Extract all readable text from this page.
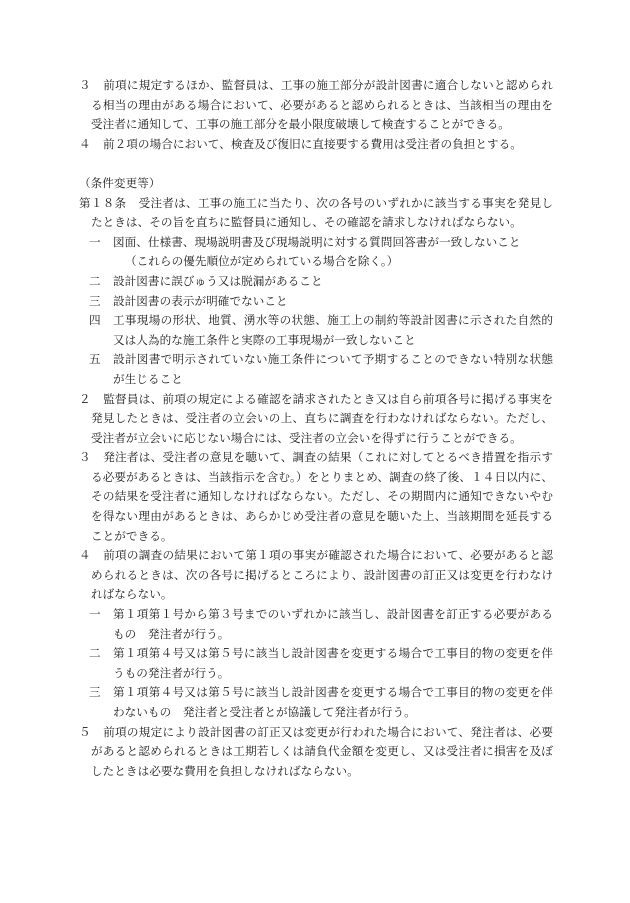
３ 前項に規定するほか、監督員は、工事の施工部分が設計図書に適合しないと認められる相当の理由がある場合において、必要があると認められるときは、当該相当の理由を受注者に通知して、工事の施工部分を最小限度破壊して検査することができる。

４ 前２項の場合において、検査及び復旧に直接要する費用は受注者の負担とする。

（条件変更等）

第１８条 受注者は、工事の施工に当たり、次の各号のいずれかに該当する事実を発見したときは、その旨を直ちに監督員に通知し、その確認を請求しなければならない。

一 図面、仕様書、現場説明書及び現場説明に対する質問回答書が一致しないこと

（これらの優先順位が定められている場合を除く。）

二 設計図書に誤びゅう又は脱漏があること

三 設計図書の表示が明確でないこと

四 工事現場の形状、地質、湧水等の状態、施工上の制約等設計図書に示された自然的又は人為的な施工条件と実際の工事現場が一致しないこと

五 設計図書で明示されていない施工条件について予期することのできない特別な状態が生じること

２ 監督員は、前項の規定による確認を請求されたとき又は自ら前項各号に掲げる事実を発見したときは、受注者の立会いの上、直ちに調査を行わなければならない。ただし、受注者が立会いに応じない場合には、受注者の立会いを得ずに行うことができる。

３ 発注者は、受注者の意見を聴いて、調査の結果（これに対してとるべき措置を指示する必要があるときは、当該指示を含む。）をとりまとめ、調査の終了後、１４日以内に、その結果を受注者に通知しなければならない。ただし、その期間内に通知できないやむを得ない理由があるときは、あらかじめ受注者の意見を聴いた上、当該期間を延長することができる。

４ 前項の調査の結果において第１項の事実が確認された場合において、必要があると認められるときは、次の各号に掲げるところにより、設計図書の訂正又は変更を行わなければならない。

一 第１項第１号から第３号までのいずれかに該当し、設計図書を訂正する必要があるもの　発注者が行う。

二 第１項第４号又は第５号に該当し設計図書を変更する場合で工事目的物の変更を伴うもの発注者が行う。

三 第１項第４号又は第５号に該当し設計図書を変更する場合で工事目的物の変更を伴わないもの　発注者と受注者とが協議して発注者が行う。

５ 前項の規定により設計図書の訂正又は変更が行われた場合において、発注者は、必要があると認められるときは工期若しくは請負代金額を変更し、又は受注者に損害を及ぼしたときは必要な費用を負担しなければならない。
